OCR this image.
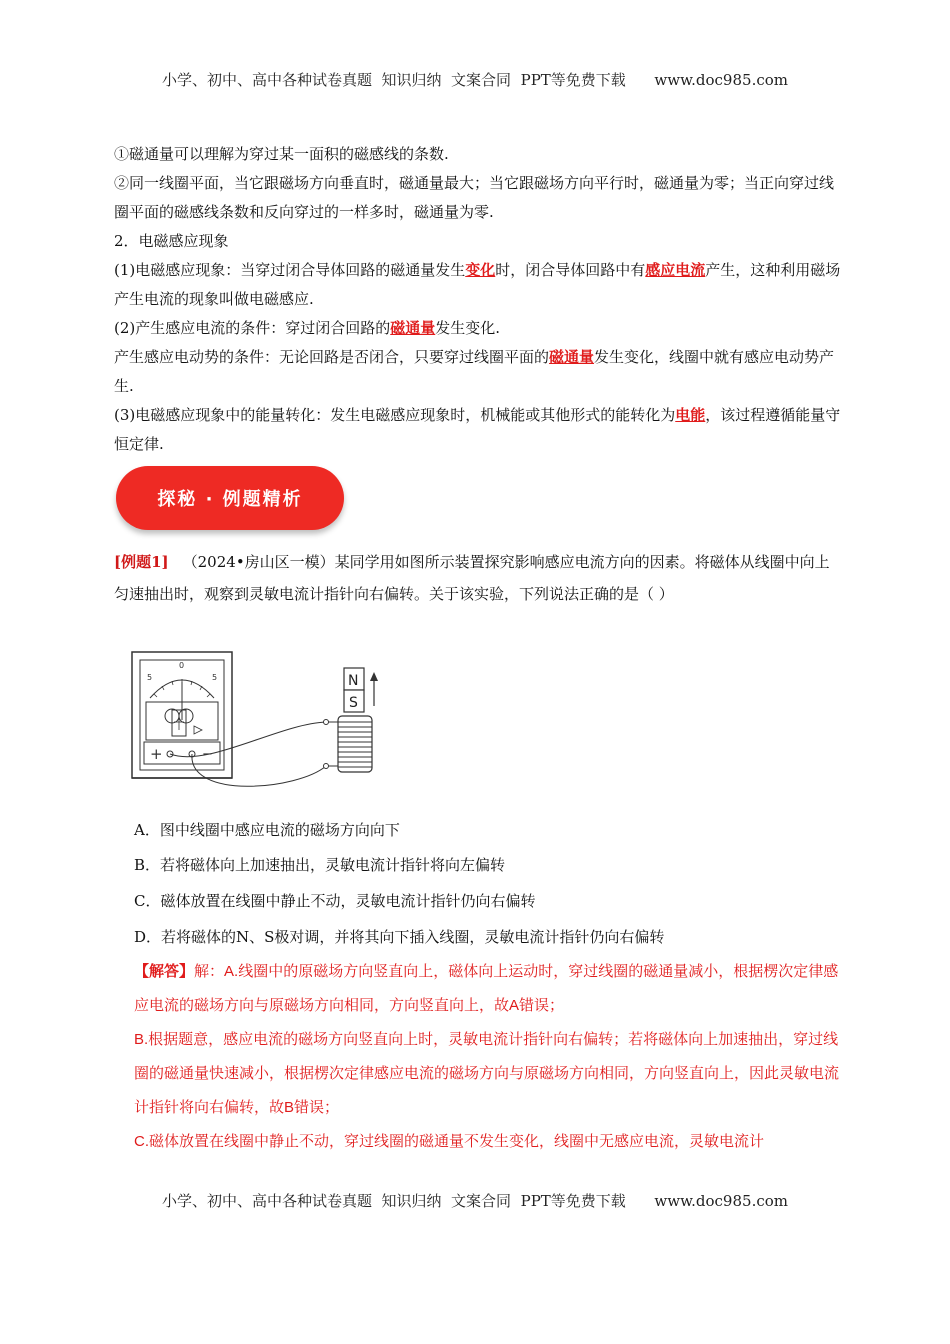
小学、初中、高中各种试卷真题  知识归纳  文案合同  PPT等免费下载      www.doc985.com

①磁通量可以理解为穿过某一面积的磁感线的条数.

②同一线圈平面，当它跟磁场方向垂直时，磁通量最大；当它跟磁场方向平行时，磁通量为零；当正向穿过线圈平面的磁感线条数和反向穿过的一样多时，磁通量为零.

2．电磁感应现象

(1)电磁感应现象：当穿过闭合导体回路的磁通量发生变化时，闭合导体回路中有感应电流产生，这种利用磁场产生电流的现象叫做电磁感应.

(2)产生感应电流的条件：穿过闭合回路的磁通量发生变化.

产生感应电动势的条件：无论回路是否闭合，只要穿过线圈平面的磁通量发生变化，线圈中就有感应电动势产生.

(3)电磁感应现象中的能量转化：发生电磁感应现象时，机械能或其他形式的能转化为电能，该过程遵循能量守恒定律.

探秘 · 例题精析

[例题1] （2024•房山区一模）某同学用如图所示装置探究影响感应电流方向的因素。将磁体从线圈中向上匀速抽出时，观察到灵敏电流计指针向右偏转。关于该实验，下列说法正确的是（ ）

5
0
5
+	−
N
S

A．图中线圈中感应电流的磁场方向向下

B．若将磁体向上加速抽出，灵敏电流计指针将向左偏转

C．磁体放置在线圈中静止不动，灵敏电流计指针仍向右偏转

D．若将磁体的N、S极对调，并将其向下插入线圈，灵敏电流计指针仍向右偏转

【解答】解：A.线圈中的原磁场方向竖直向上，磁体向上运动时，穿过线圈的磁通量减小，根据楞次定律感应电流的磁场方向与原磁场方向相同，方向竖直向上，故A错误；

B.根据题意，感应电流的磁场方向竖直向上时，灵敏电流计指针向右偏转；若将磁体向上加速抽出，穿过线圈的磁通量快速减小，根据楞次定律感应电流的磁场方向与原磁场方向相同，方向竖直向上，因此灵敏电流计指针将向右偏转，故B错误；

C.磁体放置在线圈中静止不动，穿过线圈的磁通量不发生变化，线圈中无感应电流，灵敏电流计

小学、初中、高中各种试卷真题  知识归纳  文案合同  PPT等免费下载      www.doc985.com
